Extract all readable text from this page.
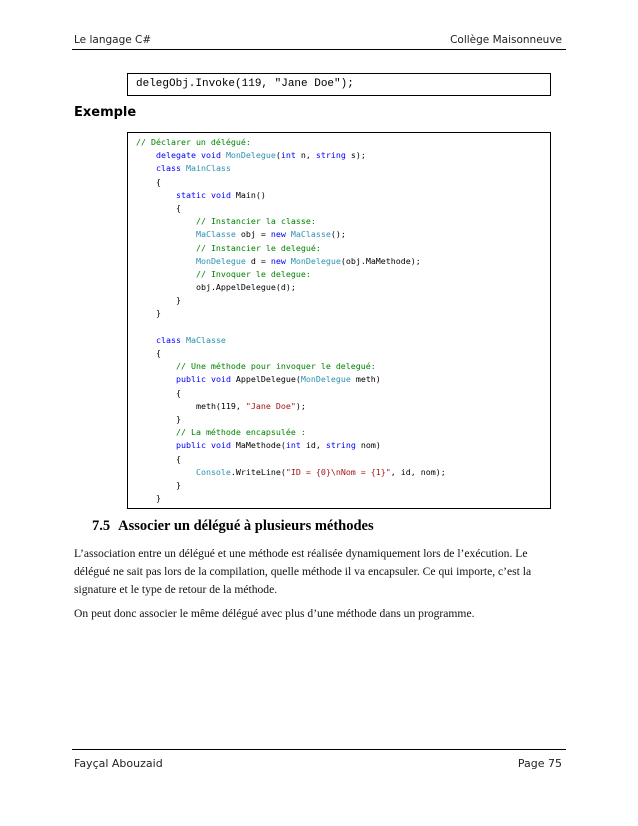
Le langage C#	Collège Maisonneuve
delegObj.Invoke(119, "Jane Doe");
Exemple
// Déclarer un délégué:
delegate void MonDelegue(int n, string s);
class MainClass
{
static void Main()
{
// Instancier la classe:
MaClasse obj = new MaClasse();
// Instancier le delegué:
MonDelegue d = new MonDelegue(obj.MaMethode);
// Invoquer le delegue:
obj.AppelDelegue(d);
}
}

class MaClasse
{
// Une méthode pour invoquer le delegué:
public void AppelDelegue(MonDelegue meth)
{
meth(119, "Jane Doe");
}
// La méthode encapsulée :
public void MaMethode(int id, string nom)
{
Console.WriteLine("ID = {0}\nNom = {1}", id, nom);
}
}
7.5 Associer un délégué à plusieurs méthodes
L’association entre un délégué et une méthode est réalisée dynamiquement lors de l’exécution. Le délégué ne sait pas lors de la compilation, quelle méthode il va encapsuler. Ce qui importe, c’est la signature et le type de retour de la méthode.
On peut donc associer le même délégué avec plus d’une méthode dans un programme.
Fayçal Abouzaid	Page 75
